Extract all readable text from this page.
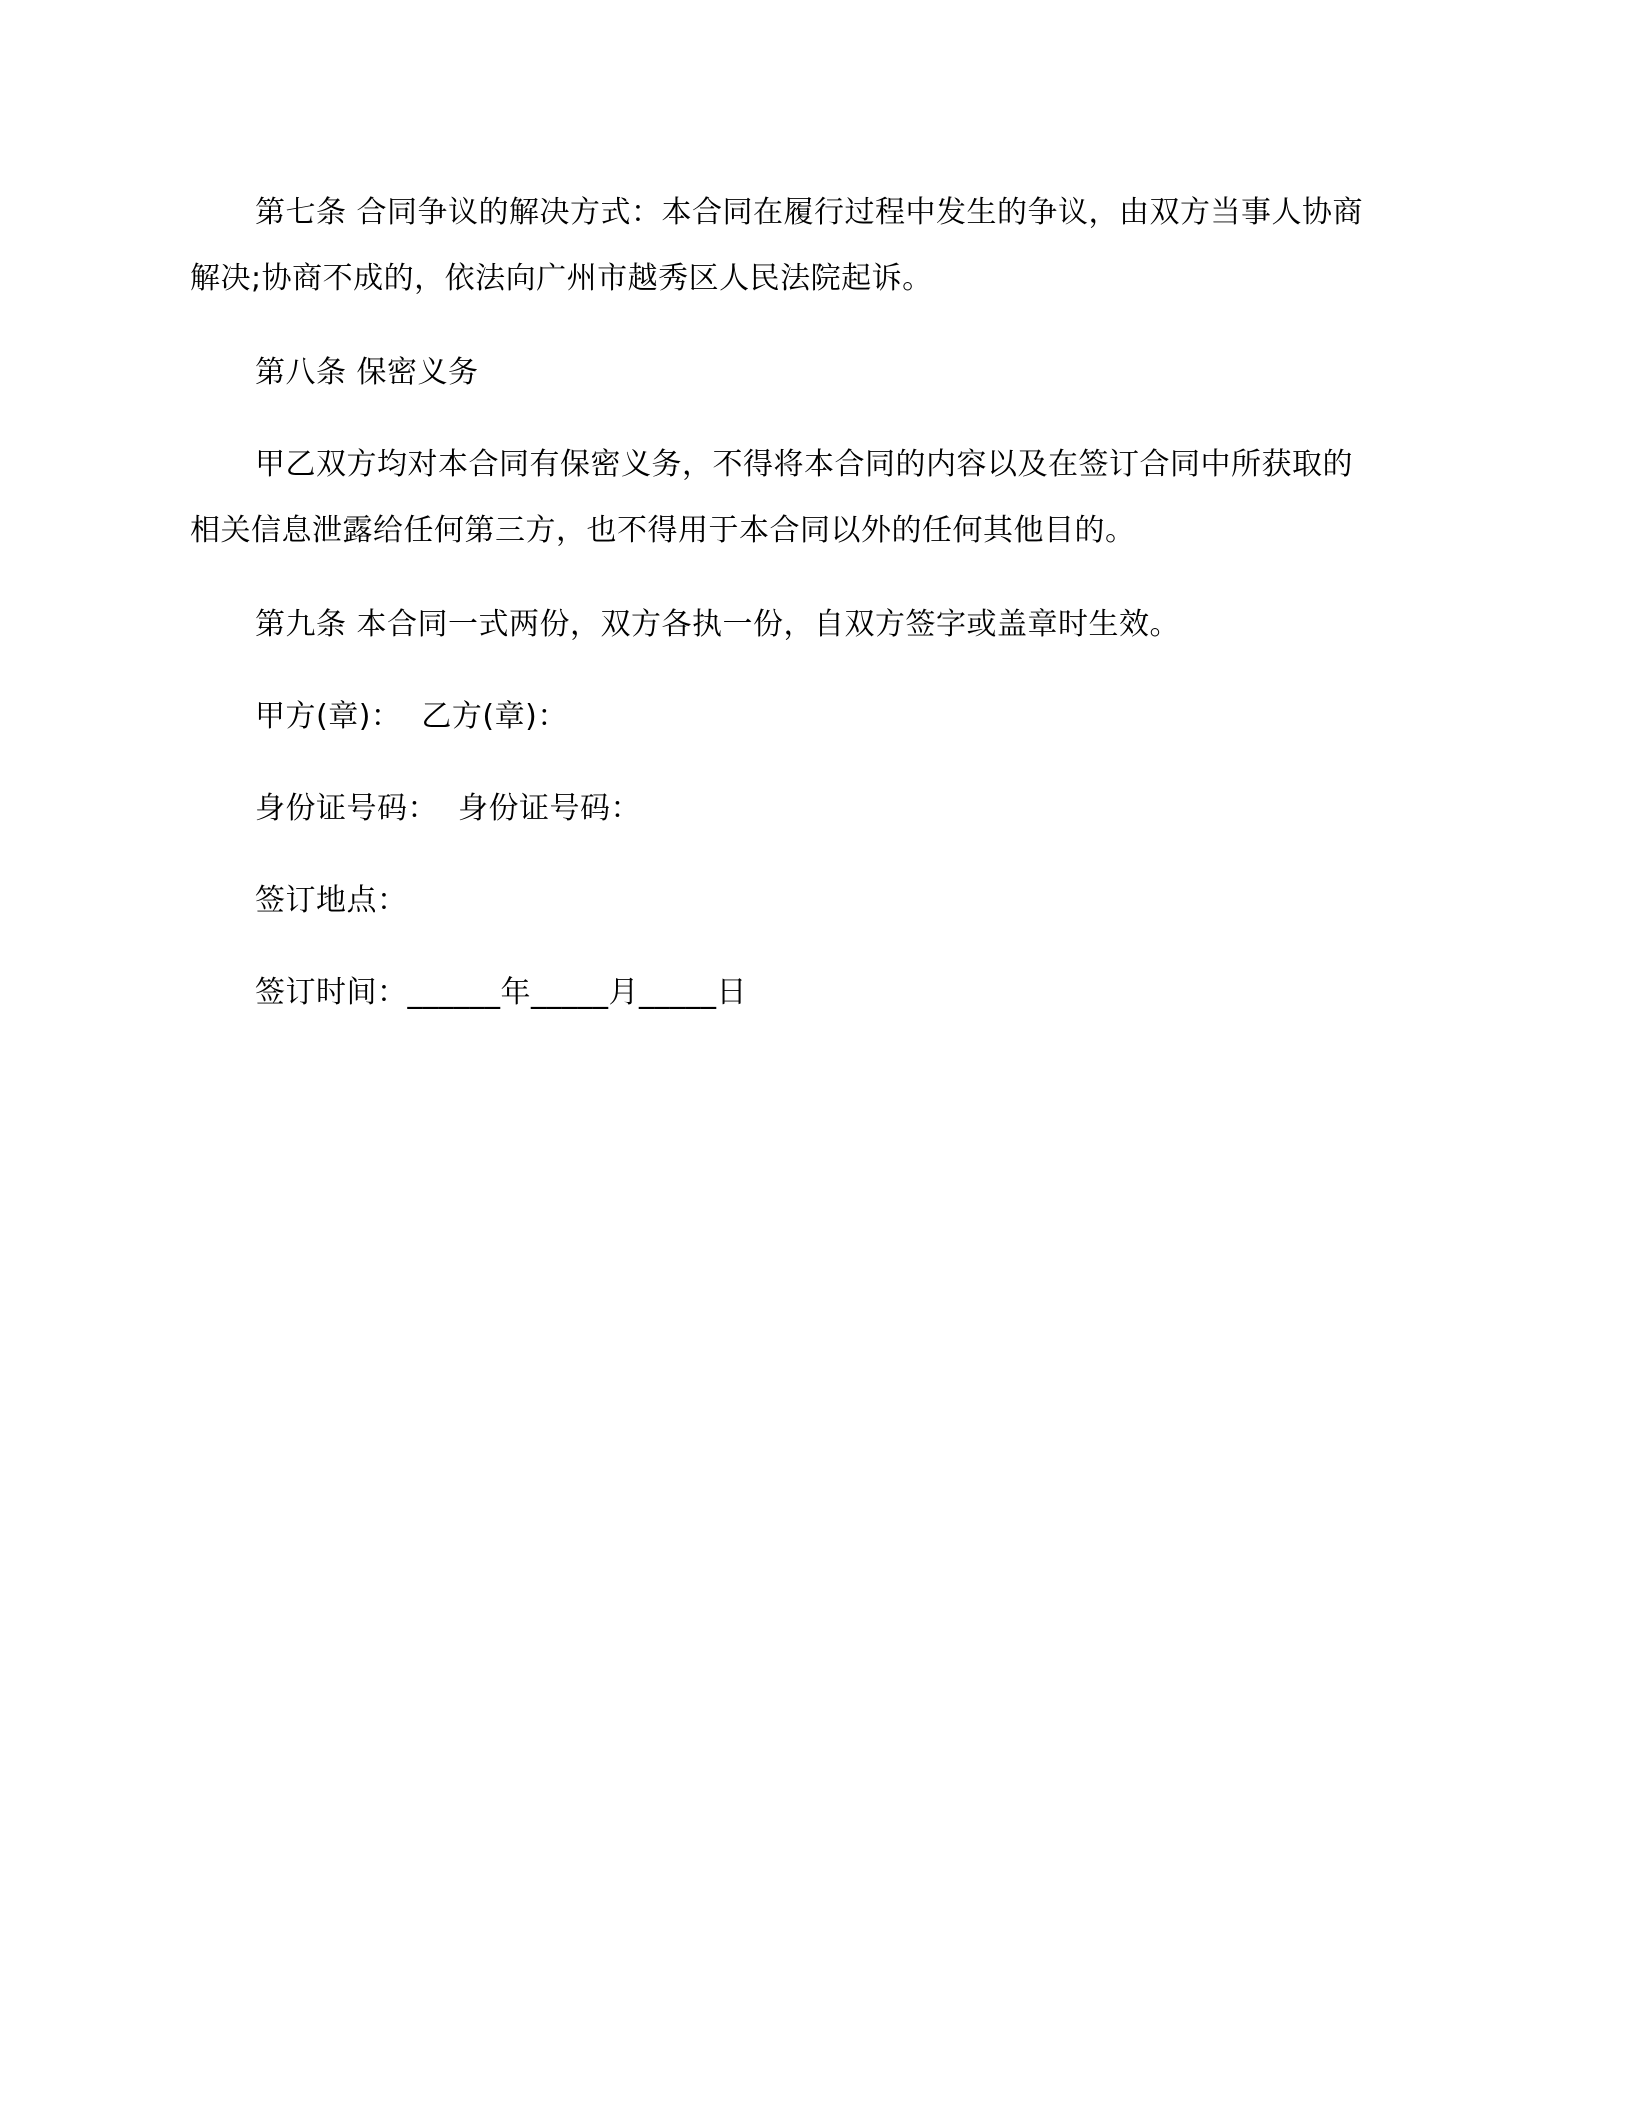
第七条 合同争议的解决方式：本合同在履行过程中发生的争议，由双方当事人协商
解决;协商不成的，依法向广州市越秀区人民法院起诉。
第八条 保密义务
甲乙双方均对本合同有保密义务，不得将本合同的内容以及在签订合同中所获取的
相关信息泄露给任何第三方，也不得用于本合同以外的任何其他目的。
第九条 本合同一式两份，双方各执一份，自双方签字或盖章时生效。
甲方(章)： 乙方(章)：
身份证号码： 身份证号码：
签订地点：
签订时间：______年_____月_____日
